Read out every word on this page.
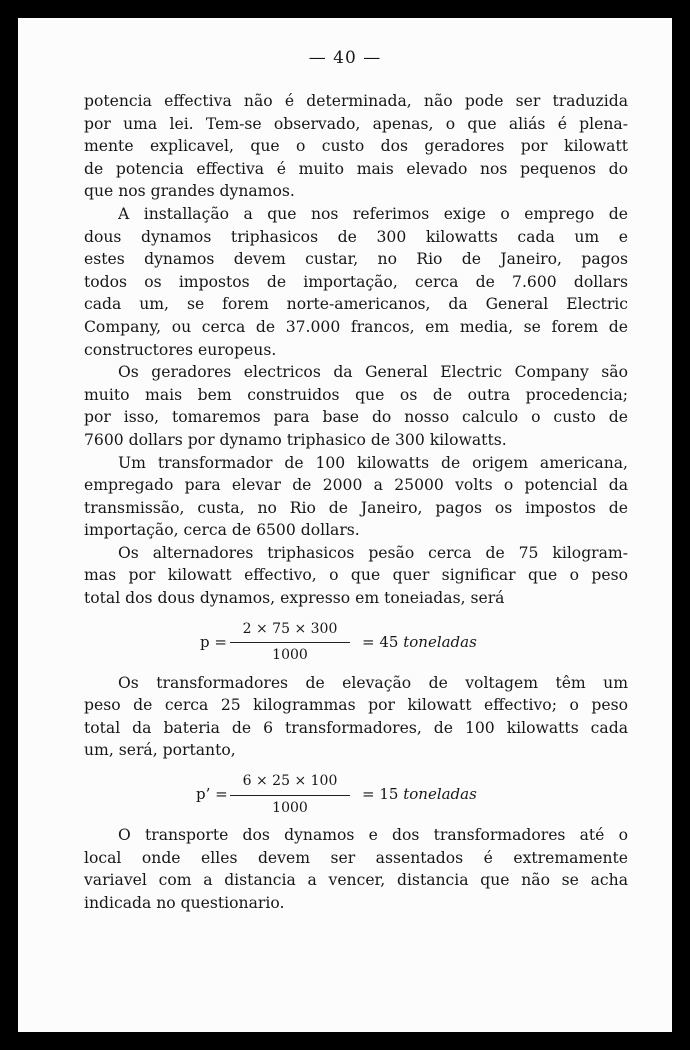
— 40 —
potencia effectiva não é determinada, não pode ser traduzida
por uma lei. Tem-se observado, apenas, o que aliás é plena-
mente explicavel, que o custo dos geradores por kilowatt
de potencia effectiva é muito mais elevado nos pequenos do
que nos grandes dynamos.
A installação a que nos referimos exige o emprego de
dous dynamos triphasicos de 300 kilowatts cada um e
estes dynamos devem custar, no Rio de Janeiro, pagos
todos os impostos de importação, cerca de 7.600 dollars
cada um, se forem norte-americanos, da General Electric
Company, ou cerca de 37.000 francos, em media, se forem de
constructores europeus.
Os geradores electricos da General Electric Company são
muito mais bem construidos que os de outra procedencia;
por isso, tomaremos para base do nosso calculo o custo de
7600 dollars por dynamo triphasico de 300 kilowatts.
Um transformador de 100 kilowatts de origem americana,
empregado para elevar de 2000 a 25000 volts o potencial da
transmissão, custa, no Rio de Janeiro, pagos os impostos de
importação, cerca de 6500 dollars.
Os alternadores triphasicos pesão cerca de 75 kilogram-
mas por kilowatt effectivo, o que quer significar que o peso
total dos dous dynamos, expresso em toneiadas, será
p =
2 × 75 × 300
1000
= 45 toneladas
Os transformadores de elevação de voltagem têm um
peso de cerca 25 kilogrammas por kilowatt effectivo; o peso
total da bateria de 6 transformadores, de 100 kilowatts cada
um, será, portanto,
p’ =
6 × 25 × 100
1000
= 15 toneladas
O transporte dos dynamos e dos transformadores até o
local onde elles devem ser assentados é extremamente
variavel com a distancia a vencer, distancia que não se acha
indicada no questionario.
